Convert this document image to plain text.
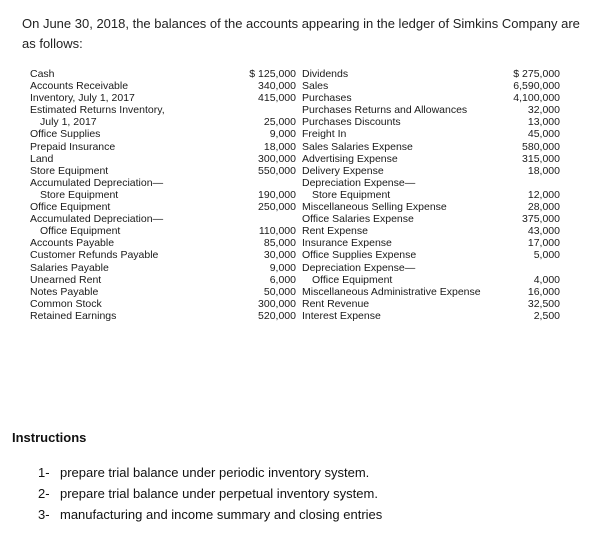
On June 30, 2018, the balances of the accounts appearing in the ledger of Simkins Company are as follows:
Cash
Accounts Receivable
Inventory, July 1, 2017
Estimated Returns Inventory,
July 1, 2017
Office Supplies
Prepaid Insurance
Land
Store Equipment
Accumulated Depreciation—
Store Equipment
Office Equipment
Accumulated Depreciation—
Office Equipment
Accounts Payable
Customer Refunds Payable
Salaries Payable
Unearned Rent
Notes Payable
Common Stock
Retained Earnings
$ 125,000
340,000
415,000
25,000
9,000
18,000
300,000
550,000
190,000
250,000
110,000
85,000
30,000
9,000
6,000
50,000
300,000
520,000
Dividends
Sales
Purchases
Purchases Returns and Allowances
Purchases Discounts
Freight In
Sales Salaries Expense
Advertising Expense
Delivery Expense
Depreciation Expense—
Store Equipment
Miscellaneous Selling Expense
Office Salaries Expense
Rent Expense
Insurance Expense
Office Supplies Expense
Depreciation Expense—
Office Equipment
Miscellaneous Administrative Expense
Rent Revenue
Interest Expense
$ 275,000
6,590,000
4,100,000
32,000
13,000
45,000
580,000
315,000
18,000
12,000
28,000
375,000
43,000
17,000
5,000
4,000
16,000
32,500
2,500
Instructions
1- prepare trial balance under periodic inventory system.
2- prepare trial balance under perpetual inventory system.
3- manufacturing and income summary and closing entries
